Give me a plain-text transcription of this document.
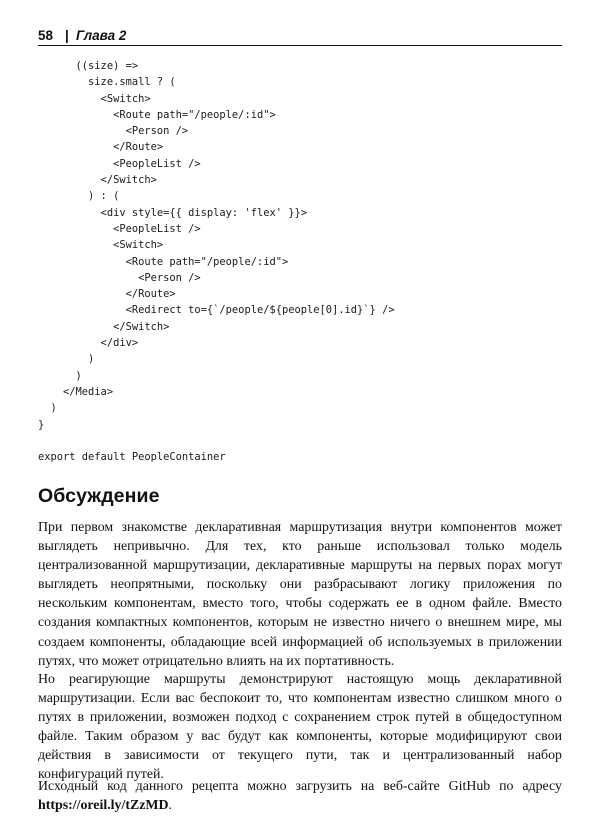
58 | Глава 2
((size) =>
size.small ? (
<Switch>
<Route path="/people/:id">
<Person />
</Route>
<PeopleList />
</Switch>
) : (
<div style={{ display: 'flex' }}>
<PeopleList />
<Switch>
<Route path="/people/:id">
<Person />
</Route>
<Redirect to={`/people/${people[0].id}`} />
</Switch>
</div>
)
)
</Media>
)
}

export default PeopleContainer
Обсуждение

При первом знакомстве декларативная маршрутизация внутри компонентов может выглядеть непривычно. Для тех, кто раньше использовал только модель централизованной маршрутизации, декларативные маршруты на первых порах могут выглядеть неопрятными, поскольку они разбрасывают логику приложения по нескольким компонентам, вместо того, чтобы содержать ее в одном файле. Вместо создания компактных компонентов, которым не известно ничего о внешнем мире, мы создаем компоненты, обладающие всей информацией об используемых в приложении путях, что может отрицательно влиять на их портативность.

Но реагирующие маршруты демонстрируют настоящую мощь декларативной маршрутизации. Если вас беспокоит то, что компонентам известно слишком много о путях в приложении, возможен подход с сохранением строк путей в общедоступном файле. Таким образом у вас будут как компоненты, которые модифицируют свои действия в зависимости от текущего пути, так и централизованный набор конфигураций путей.

Исходный код данного рецепта можно загрузить на веб-сайте GitHub по адресу https://oreil.ly/tZzMD.
